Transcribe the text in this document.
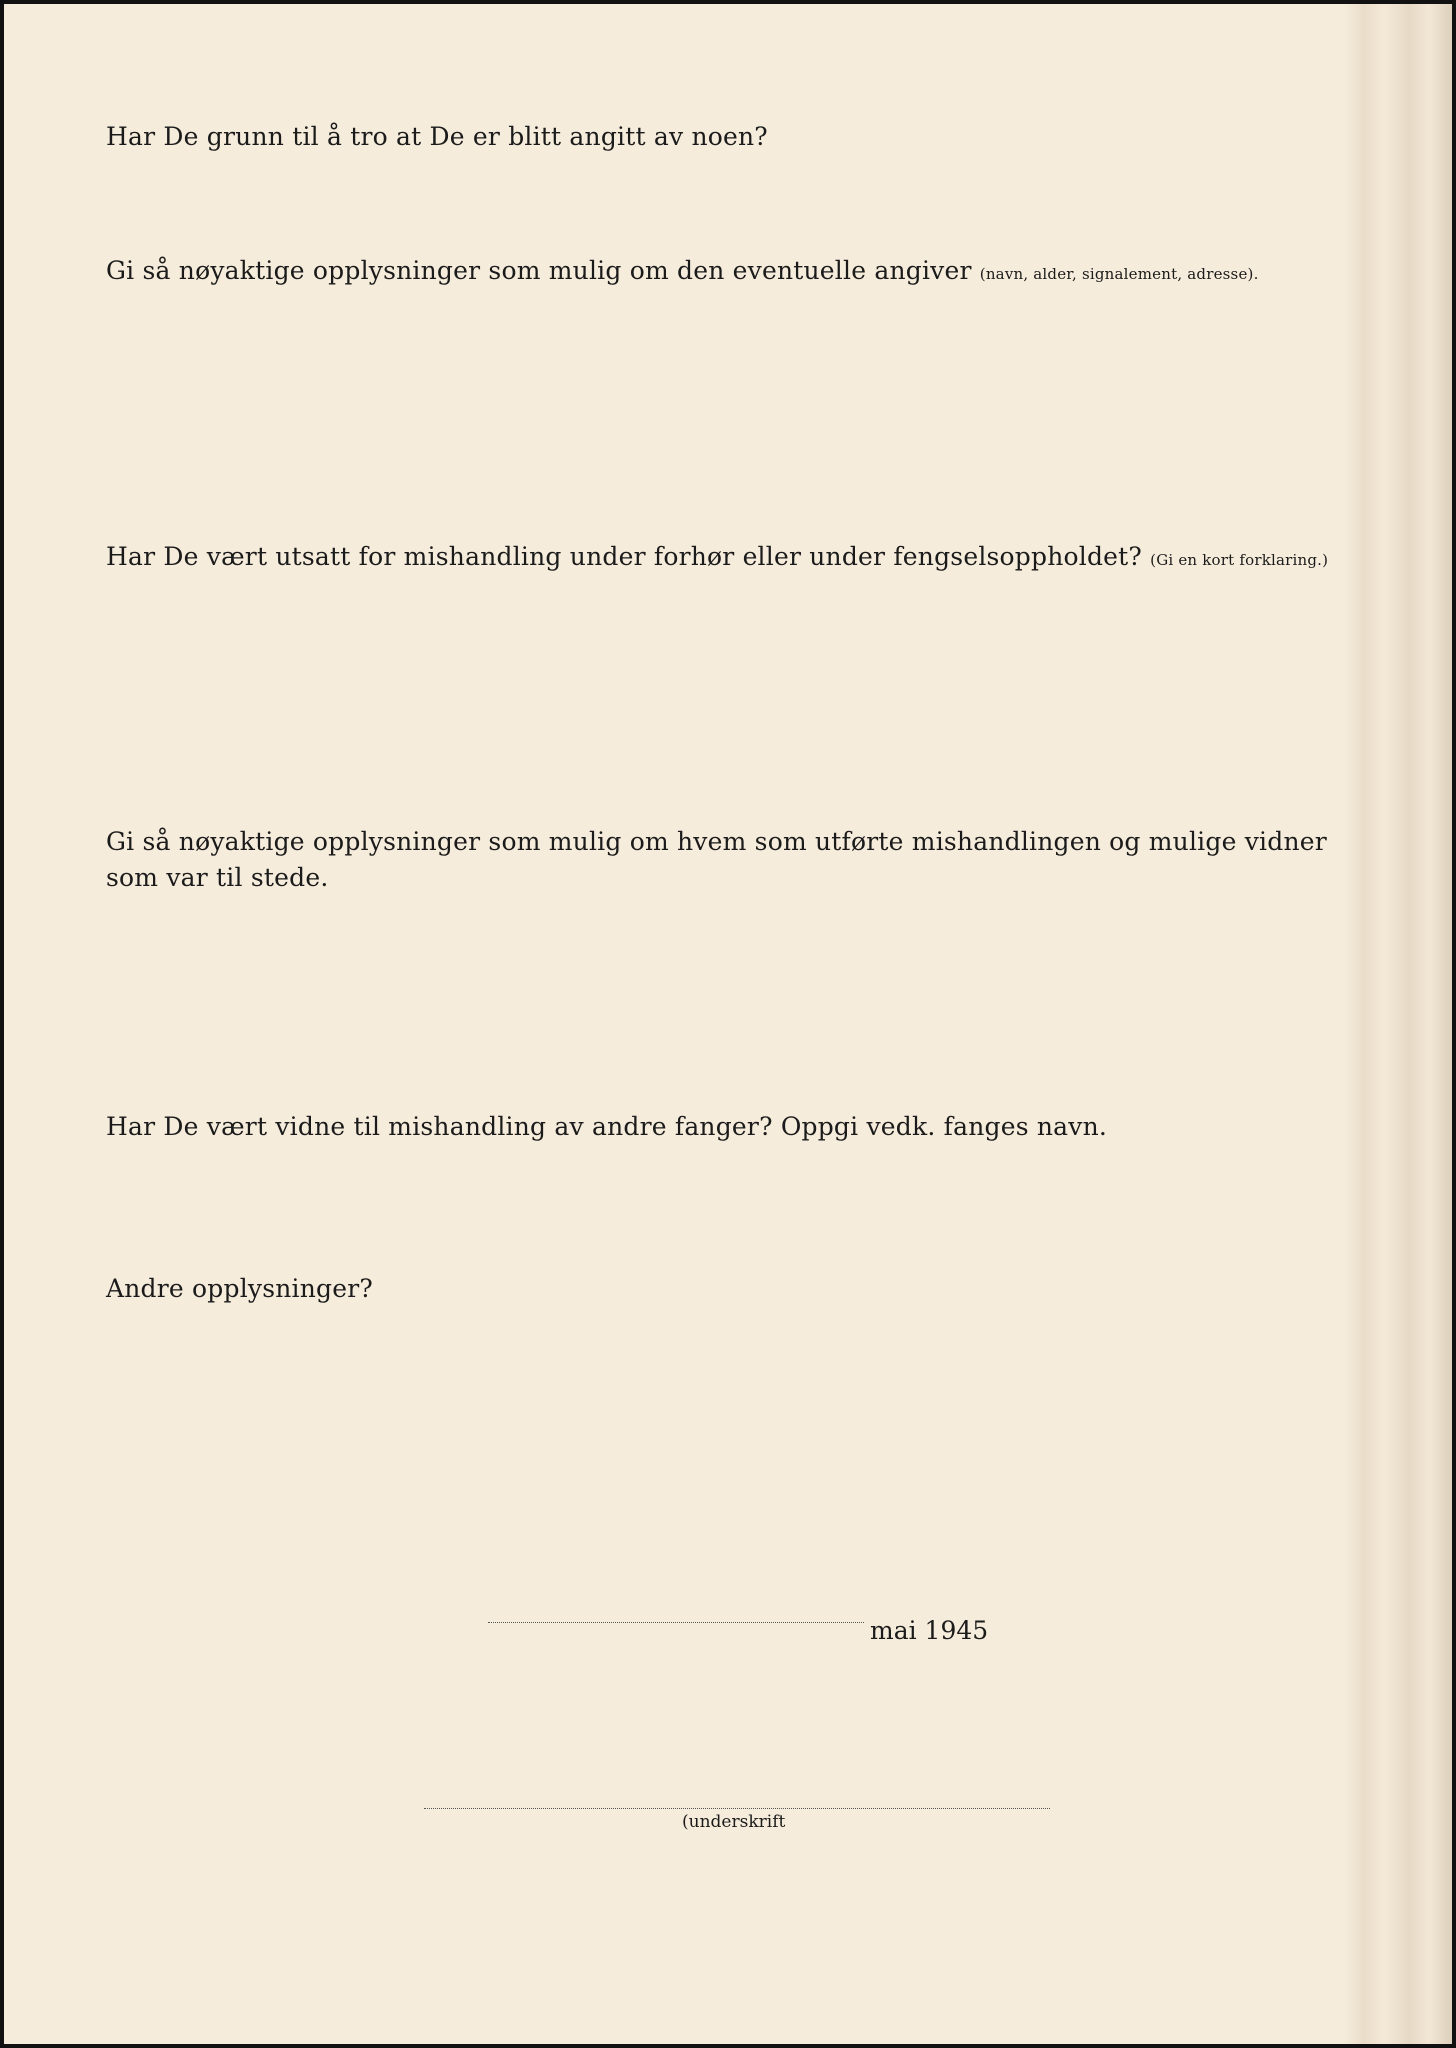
Har De grunn til å tro at De er blitt angitt av noen?
Gi så nøyaktige opplysninger som mulig om den eventuelle angiver (navn, alder, signalement, adresse).
Har De vært utsatt for mishandling under forhør eller under fengselsoppholdet? (Gi en kort forklaring.)
Gi så nøyaktige opplysninger som mulig om hvem som utførte mishandlingen og mulige vidner som var til stede.
Har De vært vidne til mishandling av andre fanger? Oppgi vedk. fanges navn.
Andre opplysninger?
mai 1945
(underskrift
